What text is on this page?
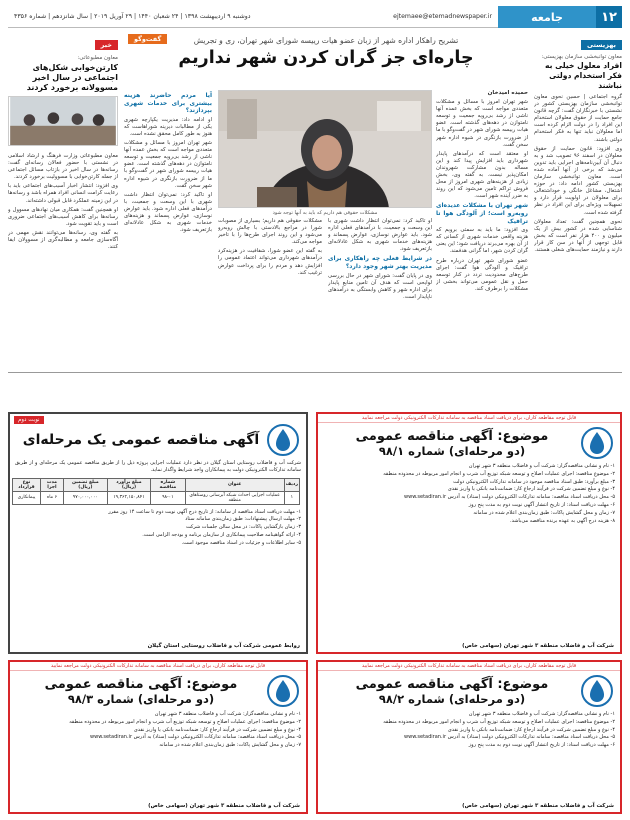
دوشنبه ۹ اردیبهشت ۱۳۹۸ | ۲۴ شعبان ۱۴۴۰ | ۲۹ آوریل ۲۰۱۹ | سال شانزدهم | شماره ۴۳۵۶	ejtemaee@etemadnewspaper.ir	جامعه	۱۲
بهزیستی
معاون توانبخشی سازمان بهزیستی:
افراد معلول خیلی به فکر استخدام دولتی نباشند

گروه اجتماعی | حسین نحوی معاون توانبخشی سازمان بهزیستی کشور در نشستی با خبرنگاران گفت: گرچه قانون جامع حمایت از حقوق معلولان استخدام این افراد را در دولت الزام کرده است اما معلولان نباید تنها به فکر استخدام دولتی باشند.

وی افزود: قانون حمایت از حقوق معلولان در اسفند ۹۶ تصویب شد و به دنبال آن آیین‌نامه‌های اجرایی باید تدوین می‌شد که برخی از آنها آماده شده است. معاون توانبخشی سازمان بهزیستی کشور ادامه داد: در حوزه اشتغال، مشاغل خانگی و خوداشتغالی برای معلولان در اولویت قرار دارد و تسهیلات ویژه‌ای برای این افراد در نظر گرفته شده است.

نحوی همچنین گفت: تعداد معلولان شناسایی شده در کشور بیش از یک میلیون و ۴۰۰ هزار نفر است که بخش قابل توجهی از آنها در سن کار قرار دارند و نیازمند حمایت‌های شغلی هستند.

گفت‌وگو	تشریح راهکار اداره شهر از زبان عضو هیات رییسه شورای شهر تهران، ری و تجریش
چاره‌ای جز گران کردن شهر نداریم
حمیده امیدخان

شهر تهران امروز با مسائل و مشکلات متعددی مواجه است که بخش عمده آنها ناشی از رشد بی‌رویه جمعیت و توسعه نامتوازن در دهه‌های گذشته است. عضو هیات رییسه شورای شهر در گفت‌وگو با ما از ضرورت بازنگری در شیوه اداره شهر سخن گفت.

او معتقد است که درآمدهای پایدار شهرداری باید افزایش پیدا کند و این مساله بدون مشارکت شهروندان امکان‌پذیر نیست. به گفته وی، بخش زیادی از هزینه‌های شهری امروز از محل فروش تراکم تامین می‌شود که این روند به ضرر آینده شهر است.

شهر تهران با مشکلات عدیده‌ای روبه‌رو است؛ از آلودگی هوا تا ترافیک

وی افزود: ما باید به سمتی برویم که هزینه واقعی خدمات شهری از کسانی که از آن بهره می‌برند دریافت شود؛ این یعنی گران کردن شهر، اما گرانی هدفمند.

عضو شورای شهر تهران درباره طرح ترافیک و آلودگی هوا گفت: اجرای طرح‌های محدودیت تردد در کنار توسعه حمل و نقل عمومی می‌تواند بخشی از مشکلات را برطرف کند.

مشکلات حقوقی هم داریم که باید به آنها توجه شود

او تاکید کرد: نمی‌توان انتظار داشت شهری با این وسعت و جمعیت، با درآمدهای فعلی اداره شود. باید عوارض نوسازی، عوارض پسماند و هزینه‌های خدمات شهری به شکل عادلانه‌ای بازتعریف شود.

در شرایط فعلی چه راهکاری برای مدیریت بهتر شهر وجود دارد؟

وی در پایان گفت: شورای شهر در حال بررسی لوایحی است که هدف آن تامین منابع پایدار برای اداره شهر و کاهش وابستگی به درآمدهای ناپایدار است.

مشکلات حقوقی هم داریم؛ بسیاری از مصوبات شورا در مراجع بالادستی با چالش روبه‌رو می‌شود و این روند اجرای طرح‌ها را با تاخیر مواجه می‌کند.

به گفته این عضو شورا، شفافیت در هزینه‌کرد درآمدهای شهرداری می‌تواند اعتماد عمومی را افزایش دهد و مردم را برای پرداخت عوارض ترغیب کند.

آیا مردم حاضرند هزینه بیشتری برای خدمات شهری بپردازند؟

او ادامه داد: مدیریت یکپارچه شهری یکی از مطالبات دیرینه شوراهاست که هنوز به طور کامل محقق نشده است.

شهر تهران امروز با مسائل و مشکلات متعددی مواجه است که بخش عمده آنها ناشی از رشد بی‌رویه جمعیت و توسعه نامتوازن در دهه‌های گذشته است. عضو هیات رییسه شورای شهر در گفت‌وگو با ما از ضرورت بازنگری در شیوه اداره شهر سخن گفت.

او تاکید کرد: نمی‌توان انتظار داشت شهری با این وسعت و جمعیت، با درآمدهای فعلی اداره شود. باید عوارض نوسازی، عوارض پسماند و هزینه‌های خدمات شهری به شکل عادلانه‌ای بازتعریف شود.

خبر
معاون مطبوعاتی:
کارتن‌خوابی شکل‌های اجتماعی در سال اخیر مسوولانه برخورد کردند

معاون مطبوعاتی وزارت فرهنگ و ارشاد اسلامی در نشستی با حضور فعالان رسانه‌ای گفت: رسانه‌ها در سال اخیر در بازتاب مسائل اجتماعی از جمله کارتن‌خوابی با مسوولیت برخورد کردند.

وی افزود: انتشار اخبار آسیب‌های اجتماعی باید با رعایت کرامت انسانی افراد همراه باشد و رسانه‌ها در این زمینه عملکرد قابل قبولی داشته‌اند.

او همچنین گفت: همکاری میان نهادهای مسوول و رسانه‌ها برای کاهش آسیب‌های اجتماعی ضروری است و باید تقویت شود.

به گفته وی، رسانه‌ها می‌توانند نقش مهمی در آگاه‌سازی جامعه و مطالبه‌گری از مسوولان ایفا کنند.

قابل توجه مقاطعه کاران، برای دریافت اسناد مناقصه به سامانه تدارکات الکترونیکی دولت مراجعه نمایید
موضوع: آگهی مناقصه عمومی
(دو مرحله‌ای) شماره ۹۸/۱

۱- نام و نشانی مناقصه‌گزار: شرکت آب و فاضلاب منطقه ۳ شهر تهران

۲- موضوع مناقصه: اجرای عملیات اصلاح و توسعه شبکه توزیع آب شرب و انجام امور مربوطه در محدوده منطقه

۳- مبلغ برآورد: طبق اسناد مناقصه موجود در سامانه تدارکات الکترونیکی دولت

۴- نوع و مبلغ تضمین شرکت در فرآیند ارجاع کار: ضمانت‌نامه بانکی یا واریز نقدی

۵- محل دریافت اسناد مناقصه: سامانه تدارکات الکترونیکی دولت (ستاد) به آدرس www.setadiran.ir

۶- مهلت دریافت اسناد: از تاریخ انتشار آگهی نوبت دوم به مدت پنج روز

۷- زمان و محل گشایش پاکات: طبق زمان‌بندی اعلام شده در سامانه

۸- هزینه درج آگهی به عهده برنده مناقصه می‌باشد.

شرکت آب و فاضلاب منطقه ۳ شهر تهران (سهامی خاص)
نوبت دوم
آگهی مناقصه عمومی یک مرحله‌ای

شرکت آب و فاضلاب روستایی استان گیلان در نظر دارد عملیات اجرایی پروژه ذیل را از طریق مناقصه عمومی یک مرحله‌ای و از طریق سامانه تدارکات الکترونیکی دولت به پیمانکاران واجد شرایط واگذار نماید.

ردیف	عنوان	شماره مناقصه	مبلغ برآورد (ریال)	مبلغ تضمین (ریال)	مدت اجرا	نوع قرارداد
۱	عملیات اجرایی احداث شبکه آبرسانی روستاهای منطقه	۹۸-۰۱	۱۹,۳۶۲,۱۵۰,۸۴۱	۹۷۰,۰۰۰,۰۰۰	۶ ماه	پیمانکاری

۱- مهلت دریافت اسناد مناقصه از سامانه: از تاریخ درج آگهی نوبت دوم تا ساعت ۱۴ روز مقرر

۲- مهلت ارسال پیشنهادات: طبق زمان‌بندی سامانه ستاد

۳- زمان بازگشایی پاکات: در محل سالن جلسات شرکت

۴- ارائه گواهینامه صلاحیت پیمانکاری از سازمان برنامه و بودجه الزامی است.

۵- سایر اطلاعات و جزئیات در اسناد مناقصه موجود است.

روابط عمومی شرکت آب و فاضلاب روستایی استان گیلان
قابل توجه مقاطعه کاران، برای دریافت اسناد مناقصه به سامانه تدارکات الکترونیکی دولت مراجعه نمایید
موضوع: آگهی مناقصه عمومی
(دو مرحله‌ای) شماره ۹۸/۲

۱- نام و نشانی مناقصه‌گزار: شرکت آب و فاضلاب منطقه ۳ شهر تهران

۲- موضوع مناقصه: اجرای عملیات اصلاح و توسعه شبکه توزیع آب شرب و انجام امور مربوطه در محدوده منطقه

۴- نوع و مبلغ تضمین شرکت در فرآیند ارجاع کار: ضمانت‌نامه بانکی یا واریز نقدی

۵- محل دریافت اسناد مناقصه: سامانه تدارکات الکترونیکی دولت (ستاد) به آدرس www.setadiran.ir

۶- مهلت دریافت اسناد: از تاریخ انتشار آگهی نوبت دوم به مدت پنج روز

شرکت آب و فاضلاب منطقه ۳ شهر تهران (سهامی خاص)
قابل توجه مقاطعه کاران، برای دریافت اسناد مناقصه به سامانه تدارکات الکترونیکی دولت مراجعه نمایید
موضوع: آگهی مناقصه عمومی
(دو مرحله‌ای) شماره ۹۸/۳

۱- نام و نشانی مناقصه‌گزار: شرکت آب و فاضلاب منطقه ۳ شهر تهران

۲- موضوع مناقصه: اجرای عملیات اصلاح و توسعه شبکه توزیع آب شرب و انجام امور مربوطه در محدوده منطقه

۴- نوع و مبلغ تضمین شرکت در فرآیند ارجاع کار: ضمانت‌نامه بانکی یا واریز نقدی

۵- محل دریافت اسناد مناقصه: سامانه تدارکات الکترونیکی دولت (ستاد) به آدرس www.setadiran.ir

۷- زمان و محل گشایش پاکات: طبق زمان‌بندی اعلام شده در سامانه

شرکت آب و فاضلاب منطقه ۳ شهر تهران (سهامی خاص)
